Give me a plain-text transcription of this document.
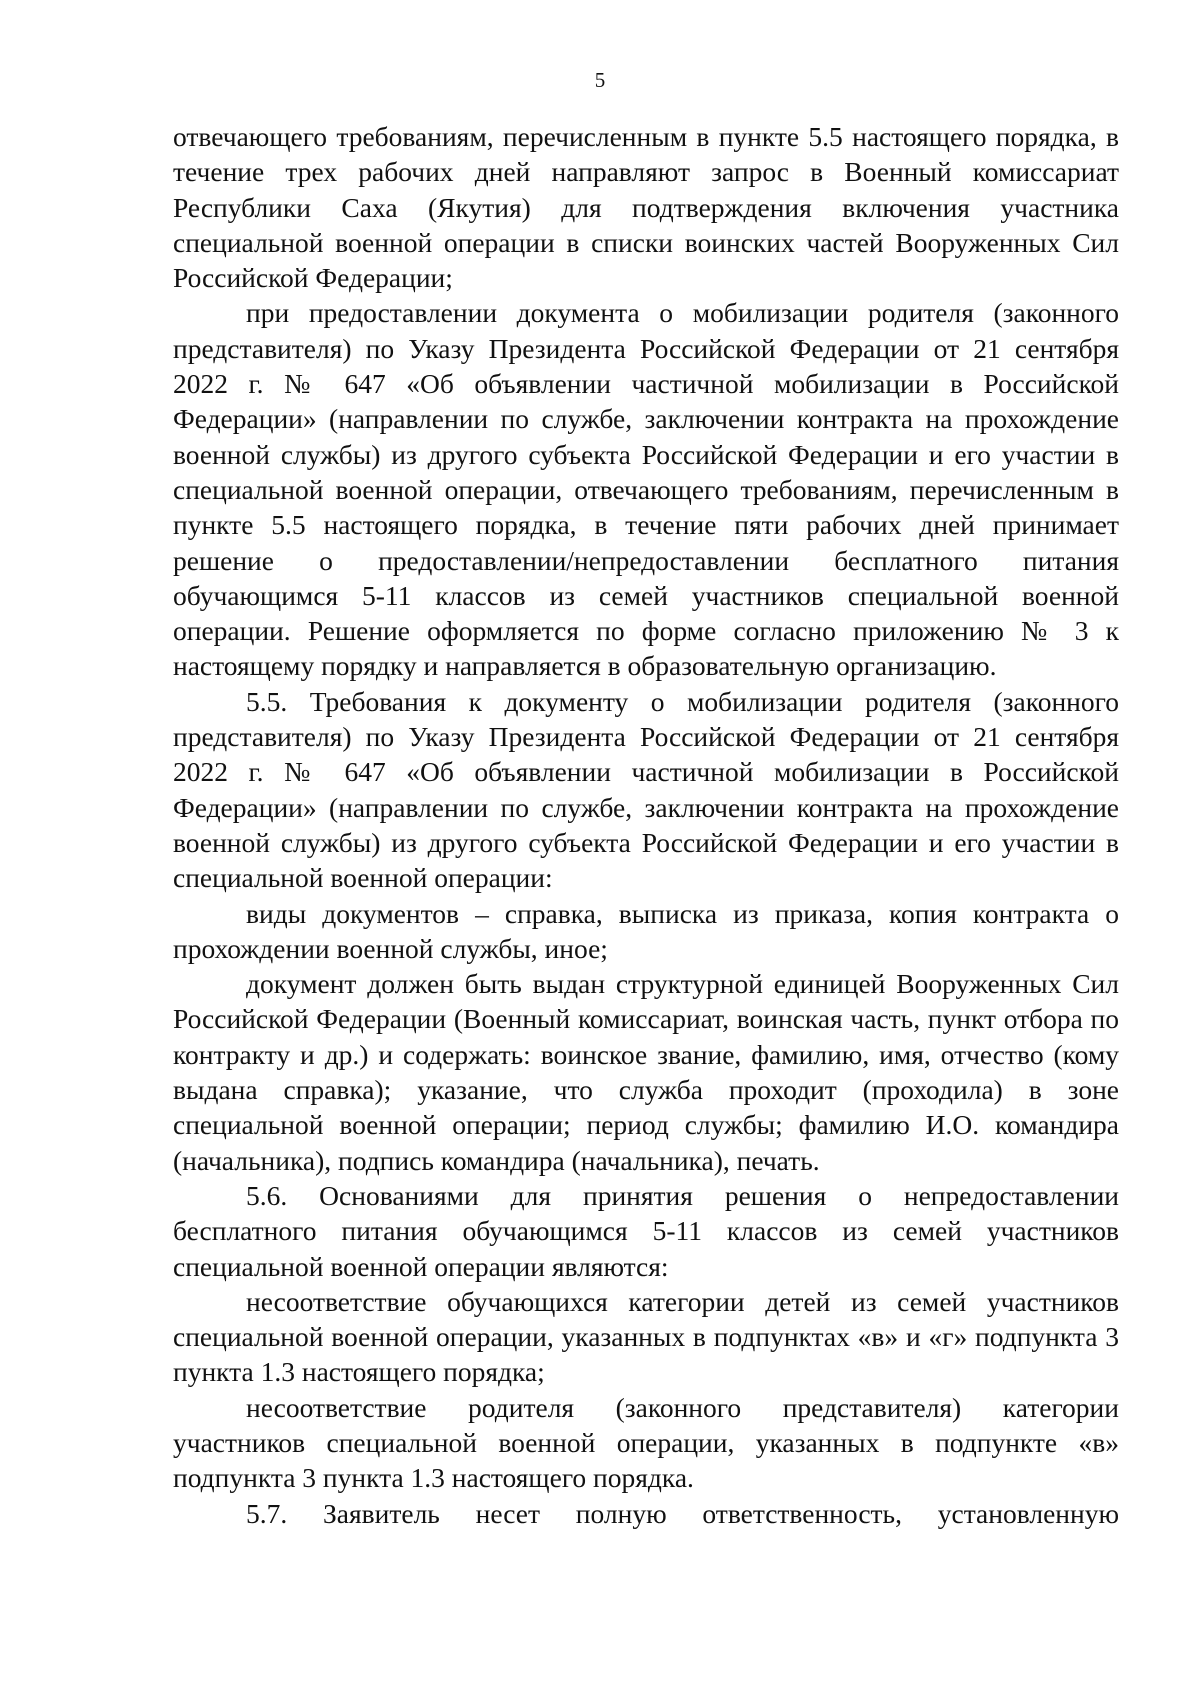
5

отвечающего требованиям, перечисленным в пункте 5.5 настоящего порядка, в течение трех рабочих дней направляют запрос в Военный комиссариат Республики Саха (Якутия) для подтверждения включения участника специальной военной операции в списки воинских частей Вооруженных Сил Российской Федерации;

при предоставлении документа о мобилизации родителя (законного представителя) по Указу Президента Российской Федерации от 21 сентября 2022 г. № 647 «Об объявлении частичной мобилизации в Российской Федерации» (направлении по службе, заключении контракта на прохождение военной службы) из другого субъекта Российской Федерации и его участии в специальной военной операции, отвечающего требованиям, перечисленным в пункте 5.5 настоящего порядка, в течение пяти рабочих дней принимает решение о предоставлении/непредоставлении бесплатного питания обучающимся 5-11 классов из семей участников специальной военной операции. Решение оформляется по форме согласно приложению № 3 к настоящему порядку и направляется в образовательную организацию.

5.5. Требования к документу о мобилизации родителя (законного представителя) по Указу Президента Российской Федерации от 21 сентября 2022 г. № 647 «Об объявлении частичной мобилизации в Российской Федерации» (направлении по службе, заключении контракта на прохождение военной службы) из другого субъекта Российской Федерации и его участии в специальной военной операции:

виды документов – справка, выписка из приказа, копия контракта о прохождении военной службы, иное;

документ должен быть выдан структурной единицей Вооруженных Сил Российской Федерации (Военный комиссариат, воинская часть, пункт отбора по контракту и др.) и содержать: воинское звание, фамилию, имя, отчество (кому выдана справка); указание, что служба проходит (проходила) в зоне специальной военной операции; период службы; фамилию И.О. командира (начальника), подпись командира (начальника), печать.

5.6. Основаниями для принятия решения о непредоставлении бесплатного питания обучающимся 5-11 классов из семей участников специальной военной операции являются:

несоответствие обучающихся категории детей из семей участников специальной военной операции, указанных в подпунктах «в» и «г» подпункта 3 пункта 1.3 настоящего порядка;

несоответствие родителя (законного представителя) категории участников специальной военной операции, указанных в подпункте «в» подпункта 3 пункта 1.3 настоящего порядка.

5.7. Заявитель несет полную ответственность, установленную
